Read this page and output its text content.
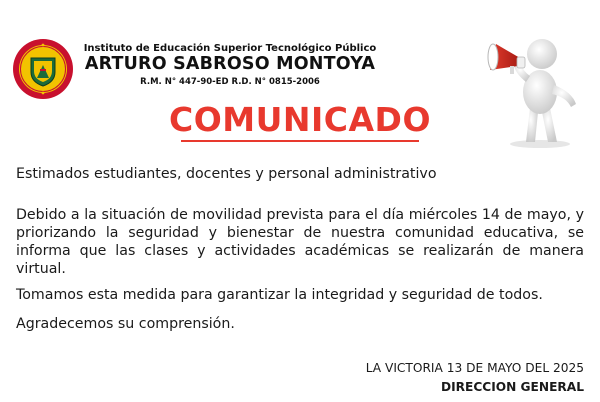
Instituto de Educación Superior Tecnológico Público
ARTURO SABROSO MONTOYA
R.M. N° 447-90-ED R.D. N° 0815-2006
COMUNICADO
Estimados estudiantes, docentes y personal administrativo
Debido a la situación de movilidad prevista para el día miércoles 14 de mayo, y priorizando la seguridad y bienestar de nuestra comunidad educativa, se informa que las clases y actividades académicas se realizarán de manera virtual.
Tomamos esta medida para garantizar la integridad y seguridad de todos.
Agradecemos su comprensión.
LA VICTORIA 13 DE MAYO DEL 2025
DIRECCION GENERAL
